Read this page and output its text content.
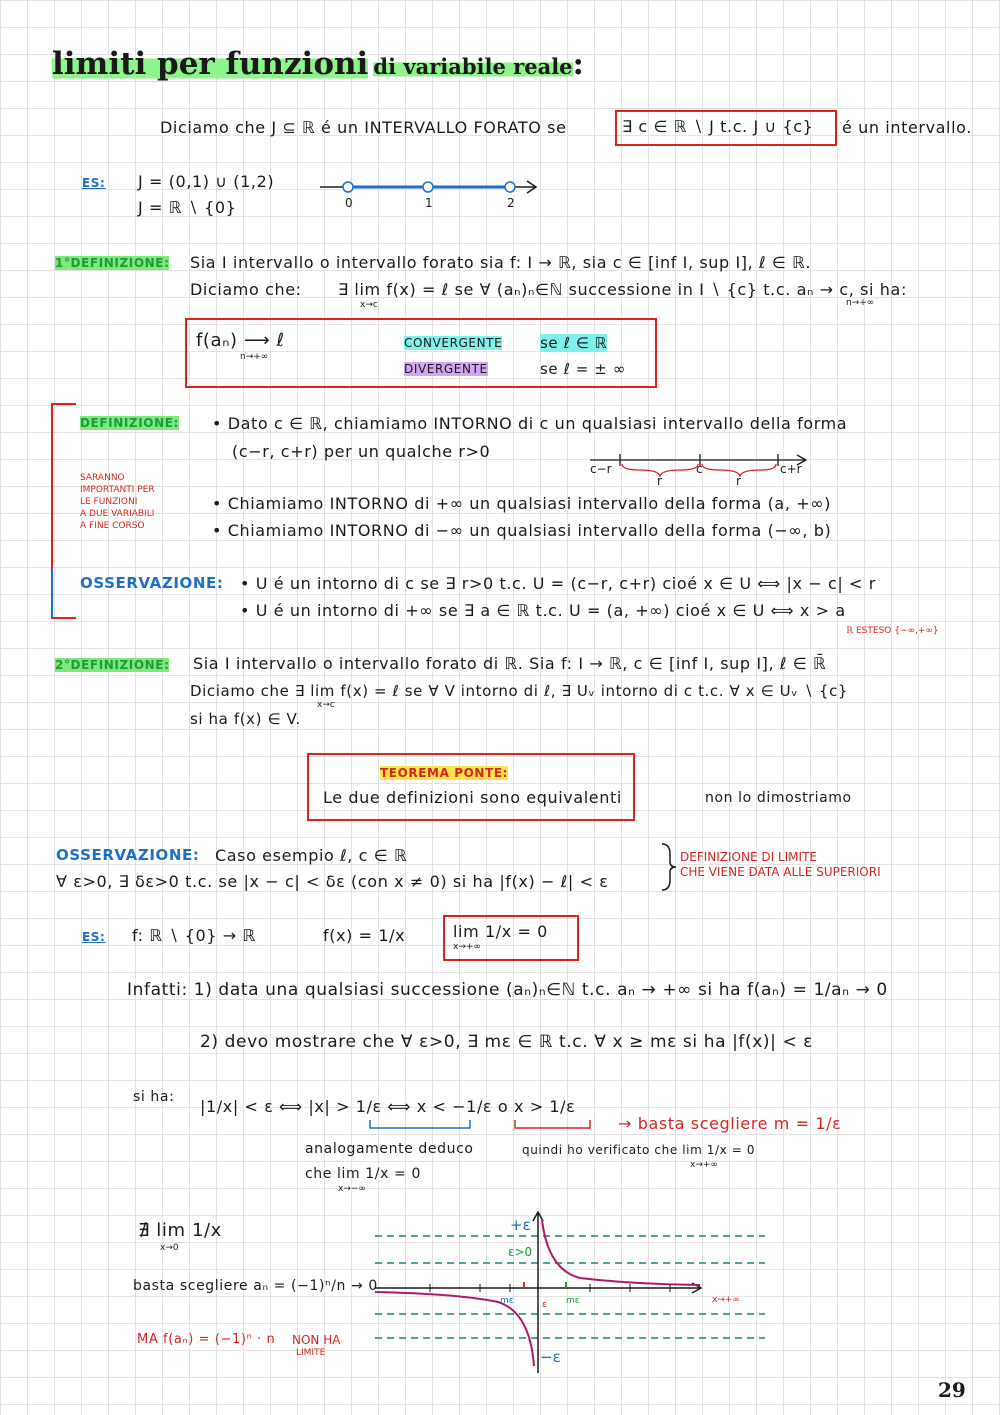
limiti per funzioni di variabile reale:
Diciamo che J ⊆ ℝ é un INTERVALLO FORATO se	∃ c ∈ ℝ ∖ J t.c. J ∪ {c} é un intervallo.
ES: J = (0,1) ∪ (1,2)
J = ℝ ∖ {0}	0	1	2
1°DEFINIZIONE: Sia I intervallo o intervallo forato sia f: I → ℝ, sia c ∈ [inf I, sup I], ℓ ∈ ℝ.
Diciamo che: ∃ lim f(x) = ℓ se ∀ (aₙ)ₙ∈ℕ successione in I ∖ {c} t.c. aₙ → c, si ha:
x→c	n→+∞
f(aₙ) ⟶ ℓ
n→+∞
CONVERGENTE	se ℓ ∈ ℝ
DIVERGENTE	se ℓ = ± ∞
DEFINIZIONE: • Dato c ∈ ℝ, chiamiamo INTORNO di c un qualsiasi intervallo della forma
(c−r, c+r) per un qualche r>0
SARANNO
IMPORTANTI PER
LE FUNZIONI
A DUE VARIABILI
A FINE CORSO
c−r	c	c+r
r	r
• Chiamiamo INTORNO di +∞ un qualsiasi intervallo della forma (a, +∞)
• Chiamiamo INTORNO di −∞ un qualsiasi intervallo della forma (−∞, b)
OSSERVAZIONE: • U é un intorno di c se ∃ r>0 t.c. U = (c−r, c+r) cioé x ∈ U ⟺ |x − c| < r
• U é un intorno di +∞ se ∃ a ∈ ℝ t.c. U = (a, +∞) cioé x ∈ U ⟺ x > a
ℝ ESTESO {−∞,+∞}
2°DEFINIZIONE: Sia I intervallo o intervallo forato di ℝ. Sia f: I → ℝ, c ∈ [inf I, sup I], ℓ ∈ ℝ̄
Diciamo che ∃ lim f(x) = ℓ se ∀ V intorno di ℓ, ∃ Uᵥ intorno di c t.c. ∀ x ∈ Uᵥ ∖ {c}
x→c
si ha f(x) ∈ V.
TEOREMA PONTE:
Le due definizioni sono equivalenti	non lo dimostriamo
OSSERVAZIONE: Caso esempio ℓ, c ∈ ℝ
∀ ε>0, ∃ δε>0 t.c. se |x − c| < δε (con x ≠ 0) si ha |f(x) − ℓ| < ε
DEFINIZIONE DI LIMITE
CHE VIENE DATA ALLE SUPERIORI
ES: f: ℝ ∖ {0} → ℝ	f(x) = 1/x	lim 1/x = 0
x→+∞
Infatti: 1) data una qualsiasi successione (aₙ)ₙ∈ℕ t.c. aₙ → +∞ si ha f(aₙ) = 1/aₙ → 0
2) devo mostrare che ∀ ε>0, ∃ mε ∈ ℝ t.c. ∀ x ≥ mε si ha |f(x)| < ε
si ha: |1/x| < ε ⟺ |x| > 1/ε ⟺ x < −1/ε o x > 1/ε
→ basta scegliere m = 1/ε
analogamente deduco
che lim 1/x = 0
x→−∞
quindi ho verificato che lim 1/x = 0
x→+∞
∄ lim 1/x
x→0
basta scegliere aₙ = (−1)ⁿ/n → 0
MA f(aₙ) = (−1)ⁿ · n NON HA
LIMITE
+ε
ε>0
−ε
mε	ε mε	x→+∞
29
